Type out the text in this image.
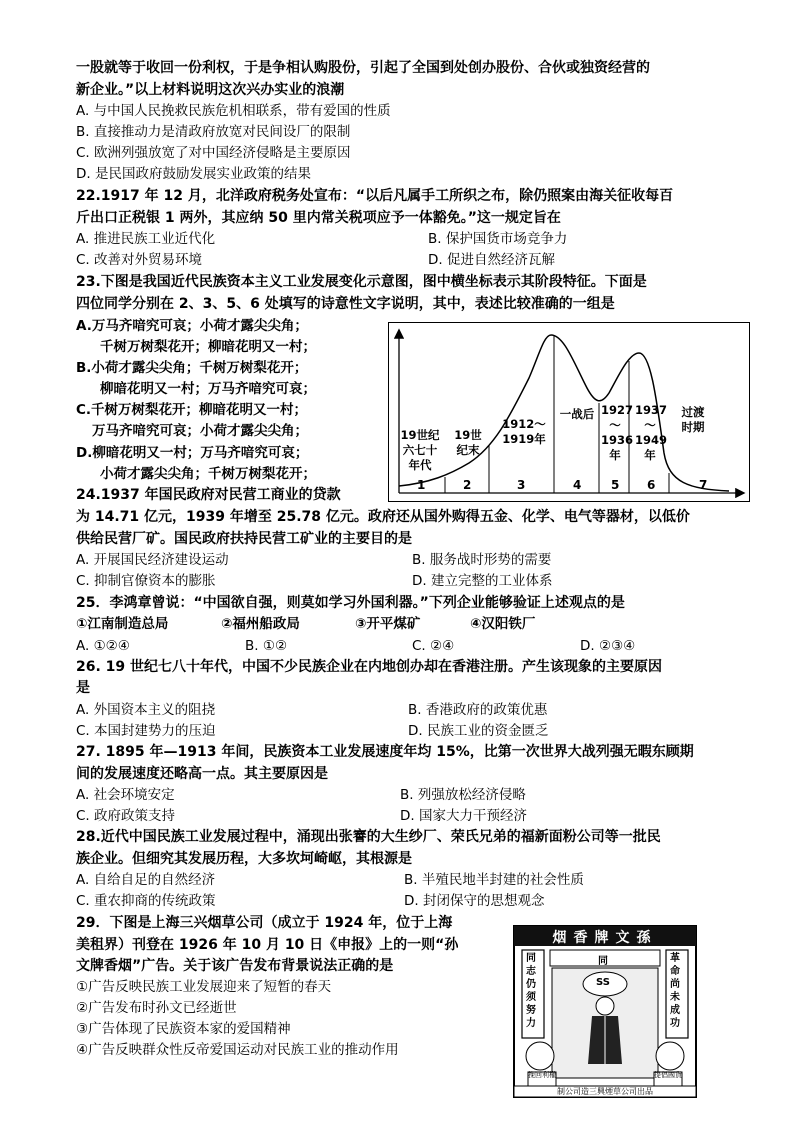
一股就等于收回一份利权，于是争相认购股份，引起了全国到处创办股份、合伙或独资经营的
新企业。”以上材料说明这次兴办实业的浪潮
A. 与中国人民挽救民族危机相联系，带有爱国的性质
B. 直接推动力是清政府放宽对民间设厂的限制
C. 欧洲列强放宽了对中国经济侵略是主要原因
D. 是民国政府鼓励发展实业政策的结果
22.1917 年 12 月，北洋政府税务处宣布：“以后凡属手工所织之布，除仍照案由海关征收每百
斤出口正税银 1 两外，其应纳 50 里内常关税项应予一体豁免。”这一规定旨在
A. 推进民族工业近代化	B. 保护国货市场竞争力
C. 改善对外贸易环境	D. 促进自然经济瓦解
23.下图是我国近代民族资本主义工业发展变化示意图，图中横坐标表示其阶段特征。下面是
四位同学分别在 2、3、5、6 处填写的诗意性文字说明，其中，表述比较准确的一组是
A.万马齐喑究可哀；小荷才露尖尖角；
千树万树梨花开；柳暗花明又一村；
B.小荷才露尖尖角；千树万树梨花开；
柳暗花明又一村；万马齐喑究可哀；
C.千树万树梨花开；柳暗花明又一村；
万马齐喑究可哀；小荷才露尖尖角；
D.柳暗花明又一村；万马齐喑究可哀；
小荷才露尖尖角；千树万树梨花开；
19世纪
六七十
年代
19世
纪末
1912～
1919年
一战后 1927
～
1936
年
1937
～
1949
年
过渡
时期
1	2	3	4 5 6	7
24.1937 年国民政府对民营工商业的贷款
为 14.71 亿元，1939 年增至 25.78 亿元。政府还从国外购得五金、化学、电气等器材，以低价
供给民营厂矿。国民政府扶持民营工矿业的主要目的是
A. 开展国民经济建设运动	B. 服务战时形势的需要
C. 抑制官僚资本的膨胀	D. 建立完整的工业体系
25．李鸿章曾说：“中国欲自强，则莫如学习外国利器。”下列企业能够验证上述观点的是
①江南制造总局	②福州船政局	③开平煤矿	④汉阳铁厂
A. ①②④	B. ①②	C. ②④	D. ②③④
26. 19 世纪七八十年代，中国不少民族企业在内地创办却在香港注册。产生该现象的主要原因
是
A. 外国资本主义的阻挠	B. 香港政府的政策优惠
C. 本国封建势力的压迫	D. 民族工业的资金匮乏
27. 1895 年—1913 年间，民族资本工业发展速度年均 15%，比第一次世界大战列强无暇东顾期
间的发展速度还略高一点。其主要原因是
A. 社会环境安定	B. 列强放松经济侵略
C. 政府政策支持	D. 国家大力干预经济
28.近代中国民族工业发展过程中，涌现出张謇的大生纱厂、荣氏兄弟的福新面粉公司等一批民
族企业。但细究其发展历程，大多坎坷崎岖，其根源是
A. 自给自足的自然经济	B. 半殖民地半封建的社会性质
C. 重农抑商的传统政策	D. 封闭保守的思想观念
29．下图是上海三兴烟草公司（成立于 1924 年，位于上海
美租界）刊登在 1926 年 10 月 10 日《申报》上的一则“孙
文牌香烟”广告。关于该广告发布背景说法正确的是
①广告反映民族工业发展迎来了短暂的春天
②广告发布时孙文已经逝世
③广告体现了民族资本家的爱国精神
④广告反映群众性反帝爱国运动对民族工业的推动作用
烟香牌文孫
同志仍须努力
革命尚未成功
同
SS
挽回利權	提倡國貨
制公司造三興煙草公司出品
